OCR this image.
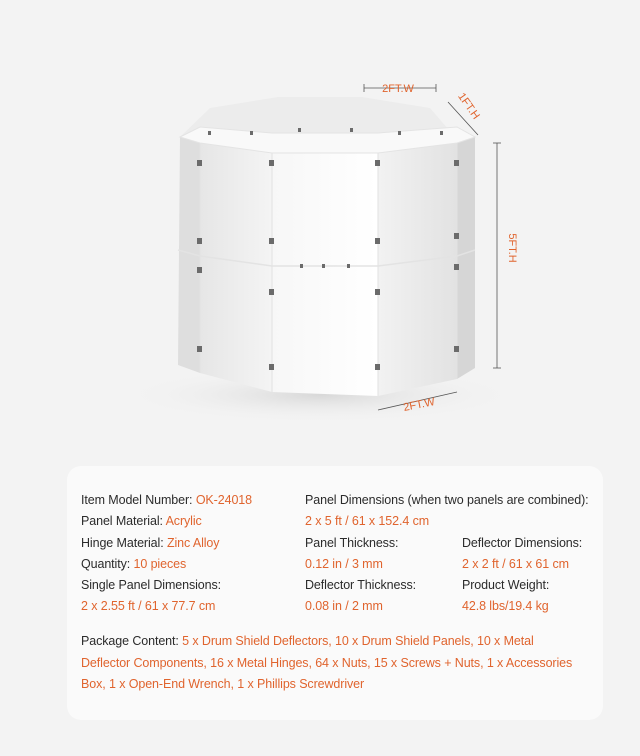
2FT.W
1FT.H
5FT.H
2FT.W
Item Model Number: OK-24018
Panel Material: Acrylic
Hinge Material: Zinc Alloy
Quantity: 10 pieces
Single Panel Dimensions:
2 x 2.55 ft / 61 x 77.7 cm
Panel Dimensions (when two panels are combined):
2 x 5 ft / 61 x 152.4 cm
Panel Thickness:
0.12 in / 3 mm
Deflector Thickness:
0.08 in / 2 mm
Deflector Dimensions:
2 x 2 ft / 61 x 61 cm
Product Weight:
42.8 lbs/19.4 kg
Package Content: 5 x Drum Shield Deflectors, 10 x Drum Shield Panels, 10 x Metal Deflector Components, 16 x Metal Hinges, 64 x Nuts, 15 x Screws + Nuts, 1 x Accessories Box, 1 x Open-End Wrench, 1 x Phillips Screwdriver
